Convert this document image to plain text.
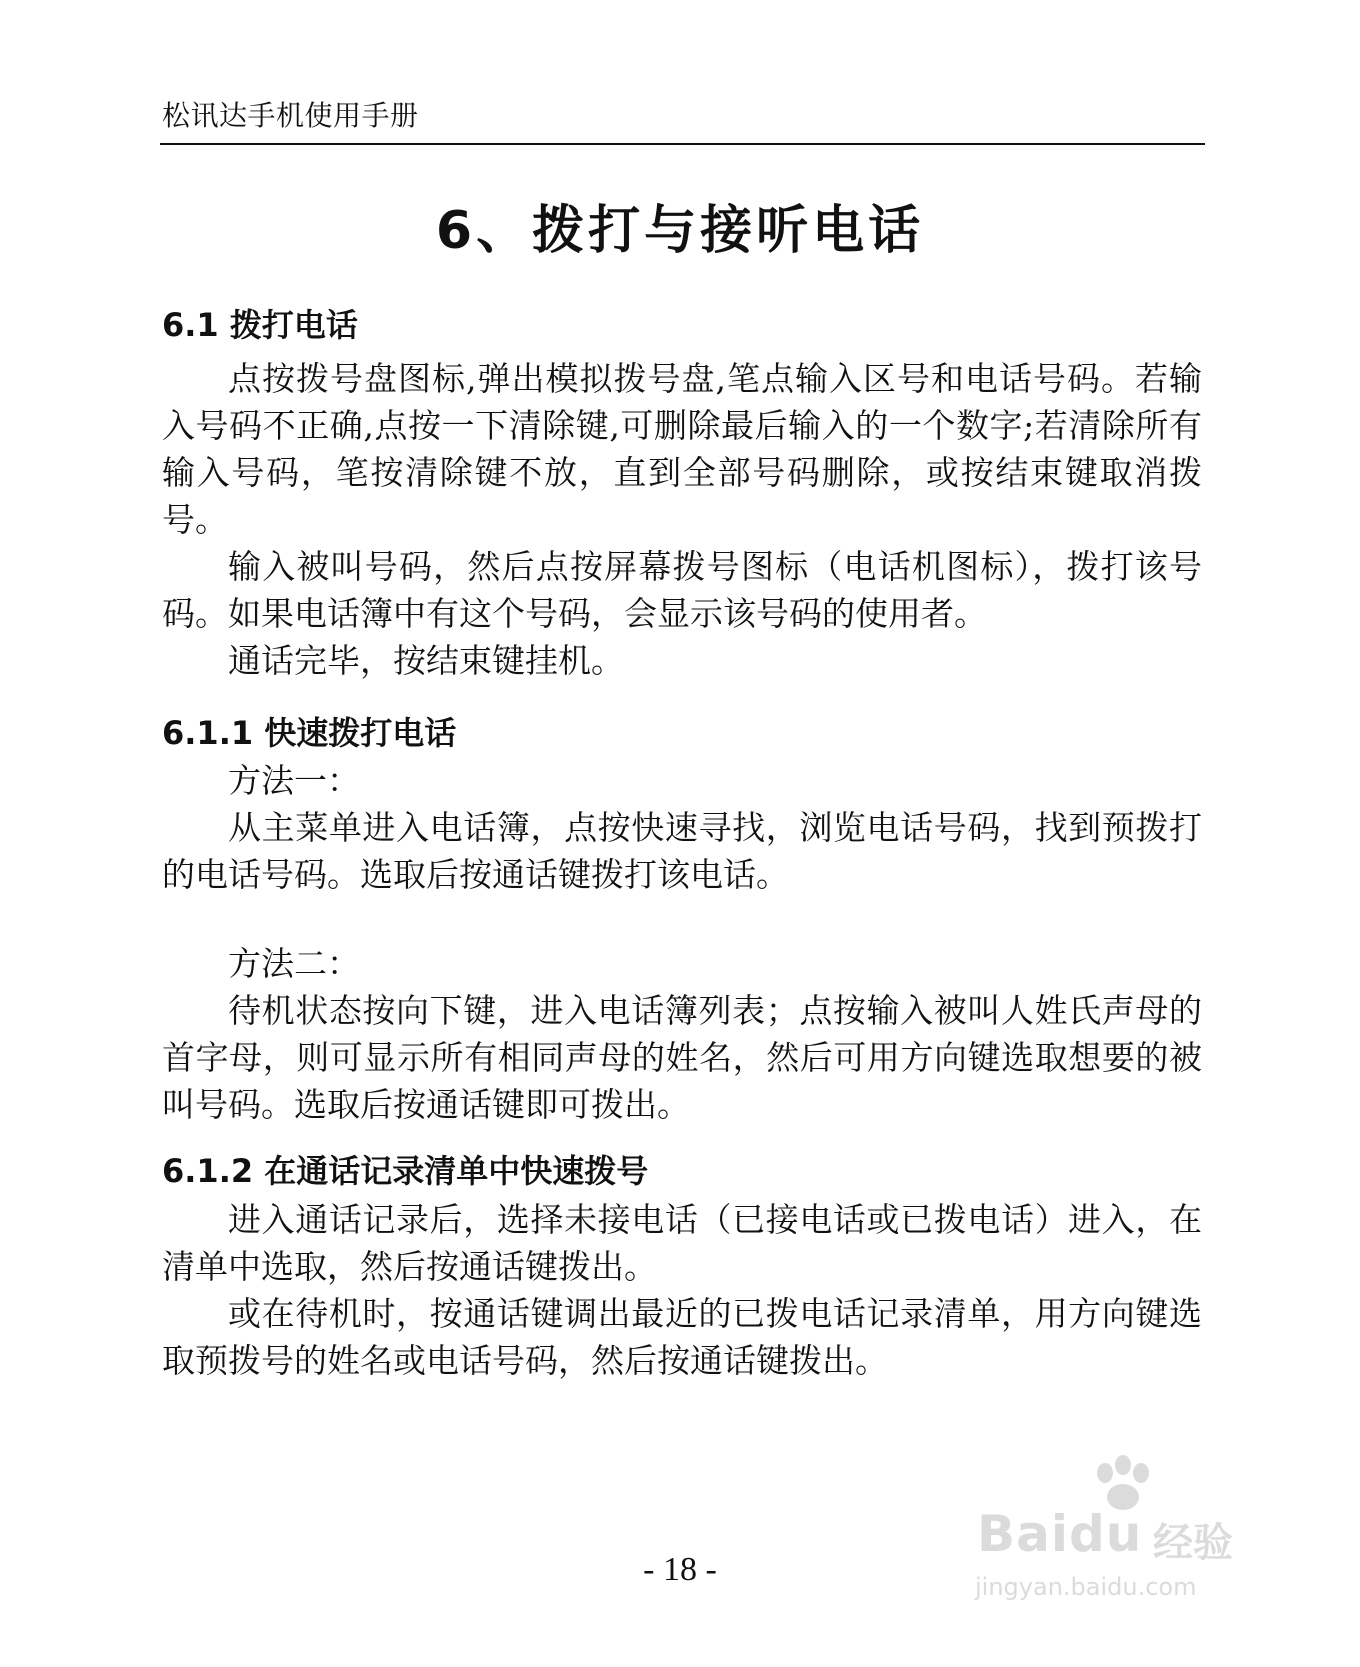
松讯达手机使用手册
6、拨打与接听电话
6.1 拨打电话

点按拨号盘图标,弹出模拟拨号盘,笔点输入区号和电话号码。若输入号码不正确,点按一下清除键,可删除最后输入的一个数字;若清除所有输入号码，笔按清除键不放，直到全部号码删除，或按结束键取消拨号。

输入被叫号码，然后点按屏幕拨号图标（电话机图标），拨打该号码。如果电话簿中有这个号码，会显示该号码的使用者。

通话完毕，按结束键挂机。

6.1.1 快速拨打电话

方法一：

从主菜单进入电话簿，点按快速寻找，浏览电话号码，找到预拨打的电话号码。选取后按通话键拨打该电话。

方法二：

待机状态按向下键，进入电话簿列表；点按输入被叫人姓氏声母的首字母，则可显示所有相同声母的姓名，然后可用方向键选取想要的被叫号码。选取后按通话键即可拨出。

6.1.2 在通话记录清单中快速拨号

进入通话记录后，选择未接电话（已接电话或已拨电话）进入，在清单中选取，然后按通话键拨出。

或在待机时，按通话键调出最近的已拨电话记录清单，用方向键选取预拨号的姓名或电话号码，然后按通话键拨出。

- 18 -
Baidu 经验
jingyan.baidu.com
